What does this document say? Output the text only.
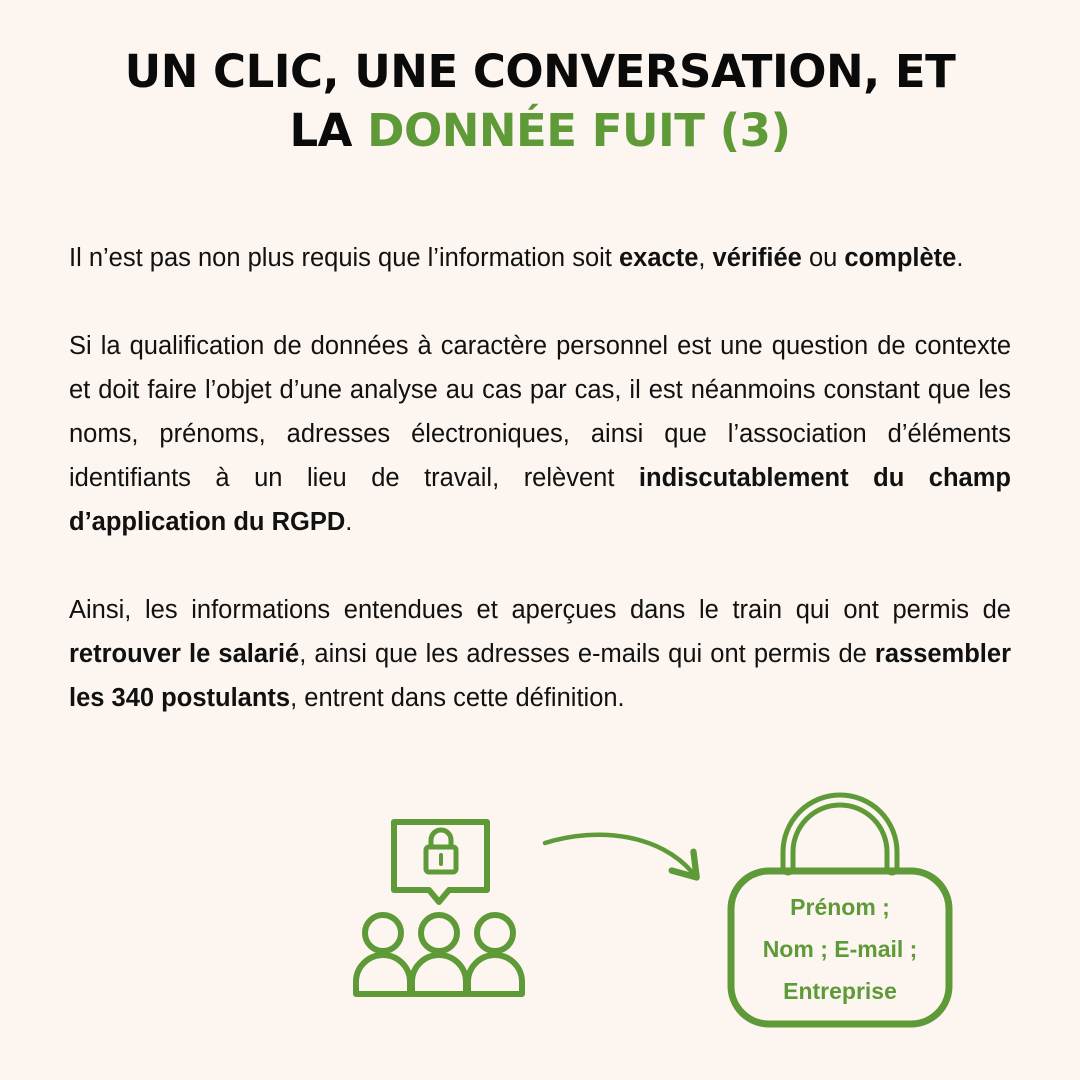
UN CLIC, UNE CONVERSATION, ET
LA DONNÉE FUIT (3)

Il n’est pas non plus requis que l’information soit exacte, vérifiée ou complète.

Si la qualification de données à caractère personnel est une question de contexte et doit faire l’objet d’une analyse au cas par cas, il est néanmoins constant que les noms, prénoms, adresses électroniques, ainsi que l’association d’éléments identifiants à un lieu de travail, relèvent indiscutablement du champ d’application du RGPD.

Ainsi, les informations entendues et aperçues dans le train qui ont permis de retrouver le salarié, ainsi que les adresses e-mails qui ont permis de rassembler les 340 postulants, entrent dans cette définition.

Prénom ;
Nom ; E-mail ;
Entreprise
